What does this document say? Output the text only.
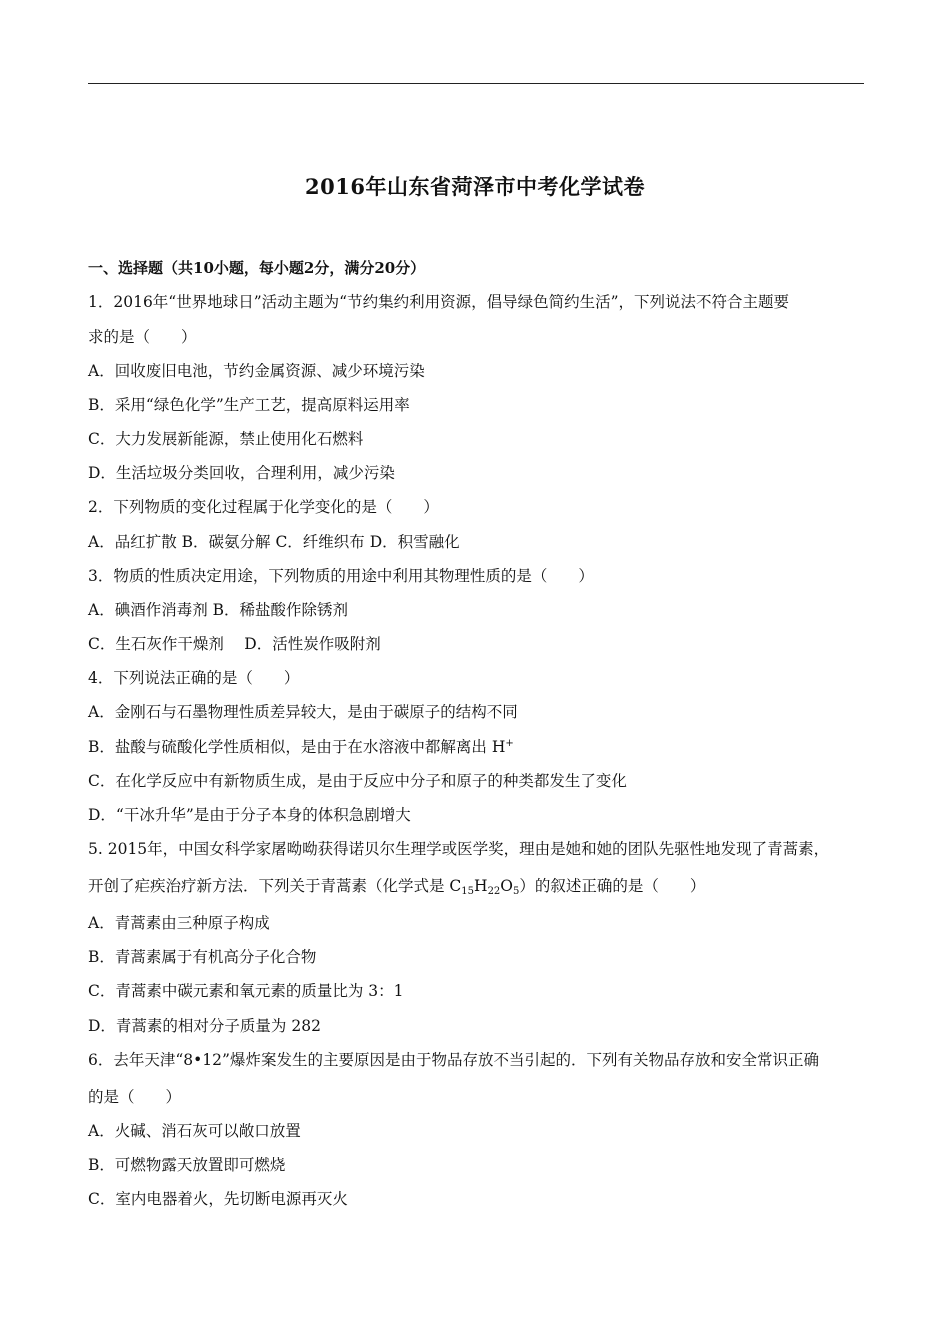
2016年山东省菏泽市中考化学试卷
一、选择题（共10小题，每小题2分，满分20分）
1．2016年“世界地球日”活动主题为“节约集约利用资源，倡导绿色简约生活”，下列说法不符合主题要
求的是（　　）
A．回收废旧电池，节约金属资源、减少环境污染
B．采用“绿色化学”生产工艺，提高原料运用率
C．大力发展新能源，禁止使用化石燃料
D．生活垃圾分类回收，合理利用，减少污染
2．下列物质的变化过程属于化学变化的是（　　）
A．品红扩散 B．碳氨分解 C．纤维织布 D．积雪融化
3．物质的性质决定用途，下列物质的用途中利用其物理性质的是（　　）
A．碘酒作消毒剂 B．稀盐酸作除锈剂
C．生石灰作干燥剂　 D．活性炭作吸附剂
4．下列说法正确的是（　　）
A．金刚石与石墨物理性质差异较大，是由于碳原子的结构不同
B．盐酸与硫酸化学性质相似，是由于在水溶液中都解离出 H+
C．在化学反应中有新物质生成，是由于反应中分子和原子的种类都发生了变化
D．“干冰升华”是由于分子本身的体积急剧增大
5. 2015年，中国女科学家屠呦呦获得诺贝尔生理学或医学奖，理由是她和她的团队先驱性地发现了青蒿素，
开创了疟疾治疗新方法．下列关于青蒿素（化学式是 $C_{15}H_{22}O_5$）的叙述正确的是（　　）
A．青蒿素由三种原子构成
B．青蒿素属于有机高分子化合物
C．青蒿素中碳元素和氧元素的质量比为 3：1
D．青蒿素的相对分子质量为 282
6．去年天津“8•12”爆炸案发生的主要原因是由于物品存放不当引起的．下列有关物品存放和安全常识正确
的是（　　）
A．火碱、消石灰可以敞口放置
B．可燃物露天放置即可燃烧
C．室内电器着火，先切断电源再灭火
